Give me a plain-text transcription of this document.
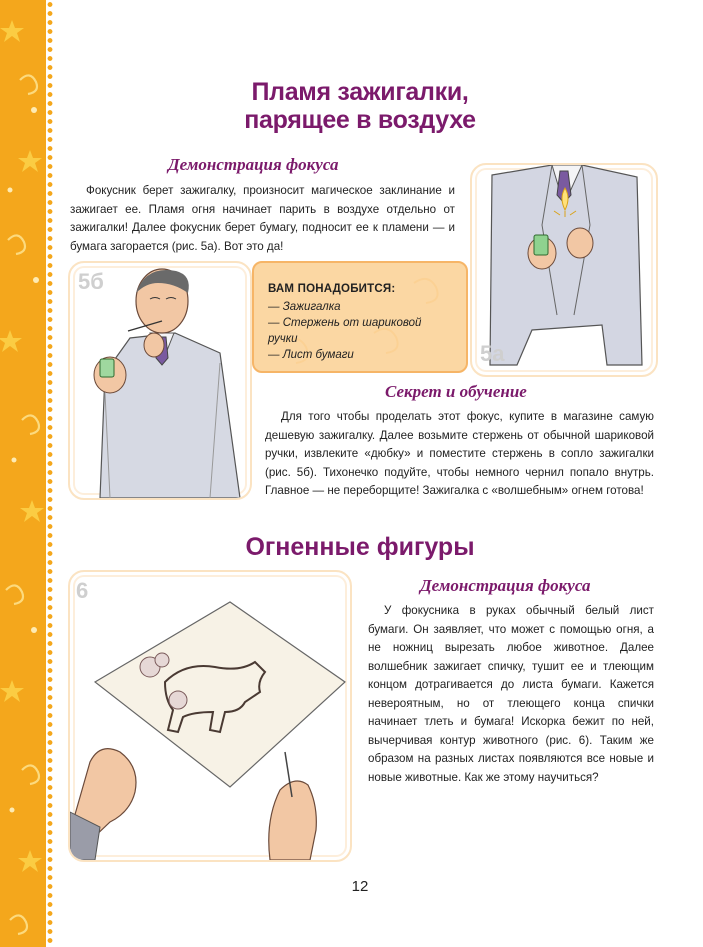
Пламя зажигалки,
парящее в воздухе
Демонстрация фокуса

Фокусник берет зажигалку, произносит магическое заклинание и зажигает ее. Пламя огня начинает парить в воздухе отдельно от зажигалки! Далее фокусник берет бумагу, подносит ее к пламени — и бумага загорается (рис. 5а). Вот это да!

5а
5б	ВАМ ПОНАДОБИТСЯ:
— Зажигалка
— Стержень от шариковой ручки
— Лист бумаги
Секрет и обучение

Для того чтобы проделать этот фокус, купите в магазине самую дешевую зажигалку. Далее возьмите стержень от обычной шариковой ручки, извлеките «дюбку» и поместите стержень в сопло зажигалки (рис. 5б). Тихонечко подуйте, чтобы немного чернил попало внутрь. Главное — не переборщите! Зажигалка с «волшебным» огнем готова!

Огненные фигуры
6	Демонстрация фокуса

У фокусника в руках обычный белый лист бумаги. Он заявляет, что может с помощью огня, а не ножниц вырезать любое животное. Далее волшебник зажигает спичку, тушит ее и тлеющим концом дотрагивается до листа бумаги. Кажется невероятным, но от тлеющего конца спички начинает тлеть и бумага! Искорка бежит по ней, вычерчивая контур животного (рис. 6). Таким же образом на разных листах появляются все новые и новые животные. Как же этому научиться?

12
